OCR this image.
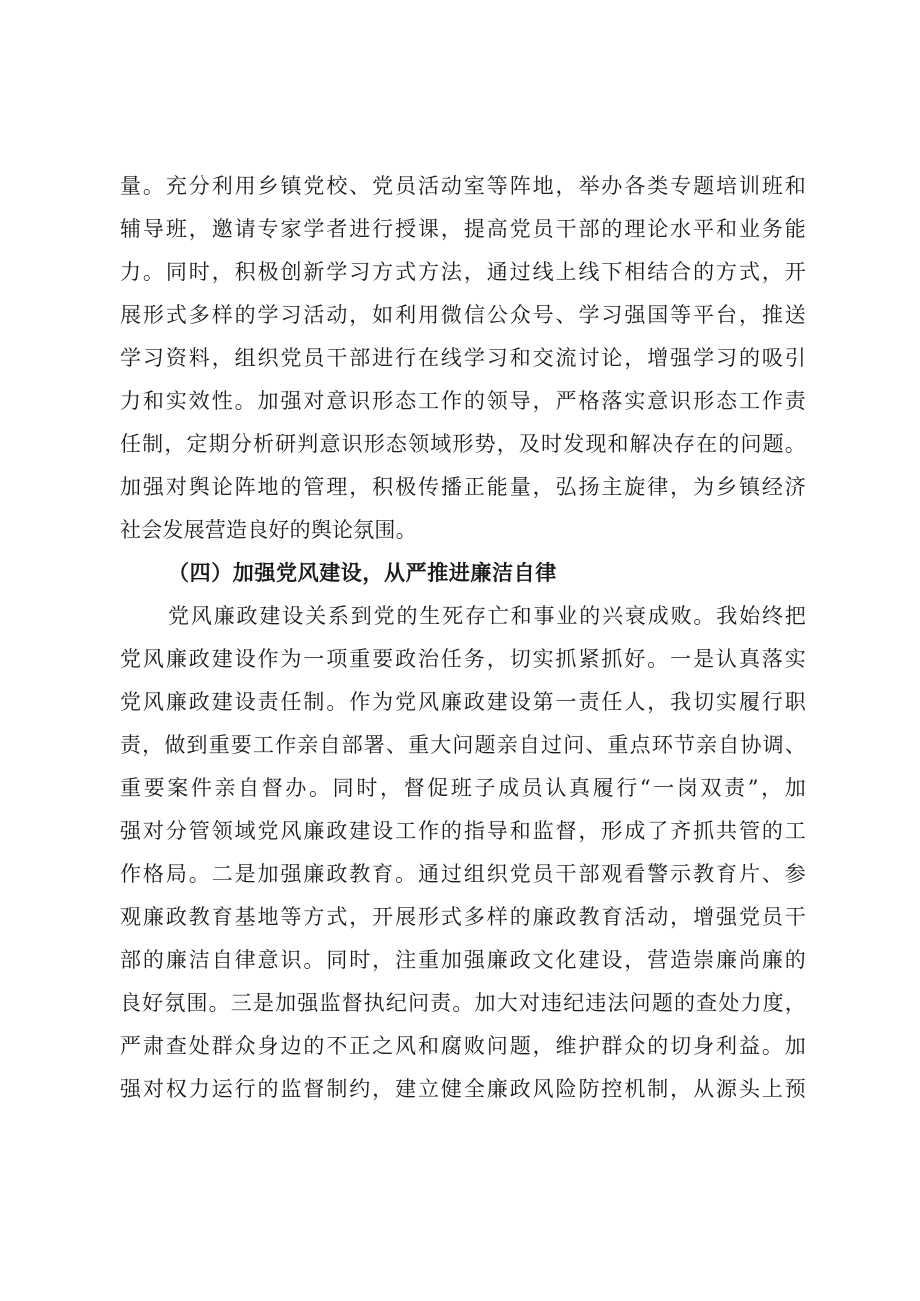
量。充分利用乡镇党校、党员活动室等阵地，举办各类专题培训班和
辅导班，邀请专家学者进行授课，提高党员干部的理论水平和业务能
力。同时，积极创新学习方式方法，通过线上线下相结合的方式，开
展形式多样的学习活动，如利用微信公众号、学习强国等平台，推送
学习资料，组织党员干部进行在线学习和交流讨论，增强学习的吸引
力和实效性。加强对意识形态工作的领导，严格落实意识形态工作责
任制，定期分析研判意识形态领域形势，及时发现和解决存在的问题。
加强对舆论阵地的管理，积极传播正能量，弘扬主旋律，为乡镇经济
社会发展营造良好的舆论氛围。
（四）加强党风建设，从严推进廉洁自律
党风廉政建设关系到党的生死存亡和事业的兴衰成败。我始终把
党风廉政建设作为一项重要政治任务，切实抓紧抓好。一是认真落实
党风廉政建设责任制。作为党风廉政建设第一责任人，我切实履行职
责，做到重要工作亲自部署、重大问题亲自过问、重点环节亲自协调、
重要案件亲自督办。同时，督促班子成员认真履行“一岗双责”，加
强对分管领域党风廉政建设工作的指导和监督，形成了齐抓共管的工
作格局。二是加强廉政教育。通过组织党员干部观看警示教育片、参
观廉政教育基地等方式，开展形式多样的廉政教育活动，增强党员干
部的廉洁自律意识。同时，注重加强廉政文化建设，营造崇廉尚廉的
良好氛围。三是加强监督执纪问责。加大对违纪违法问题的查处力度，
严肃查处群众身边的不正之风和腐败问题，维护群众的切身利益。加
强对权力运行的监督制约，建立健全廉政风险防控机制，从源头上预
